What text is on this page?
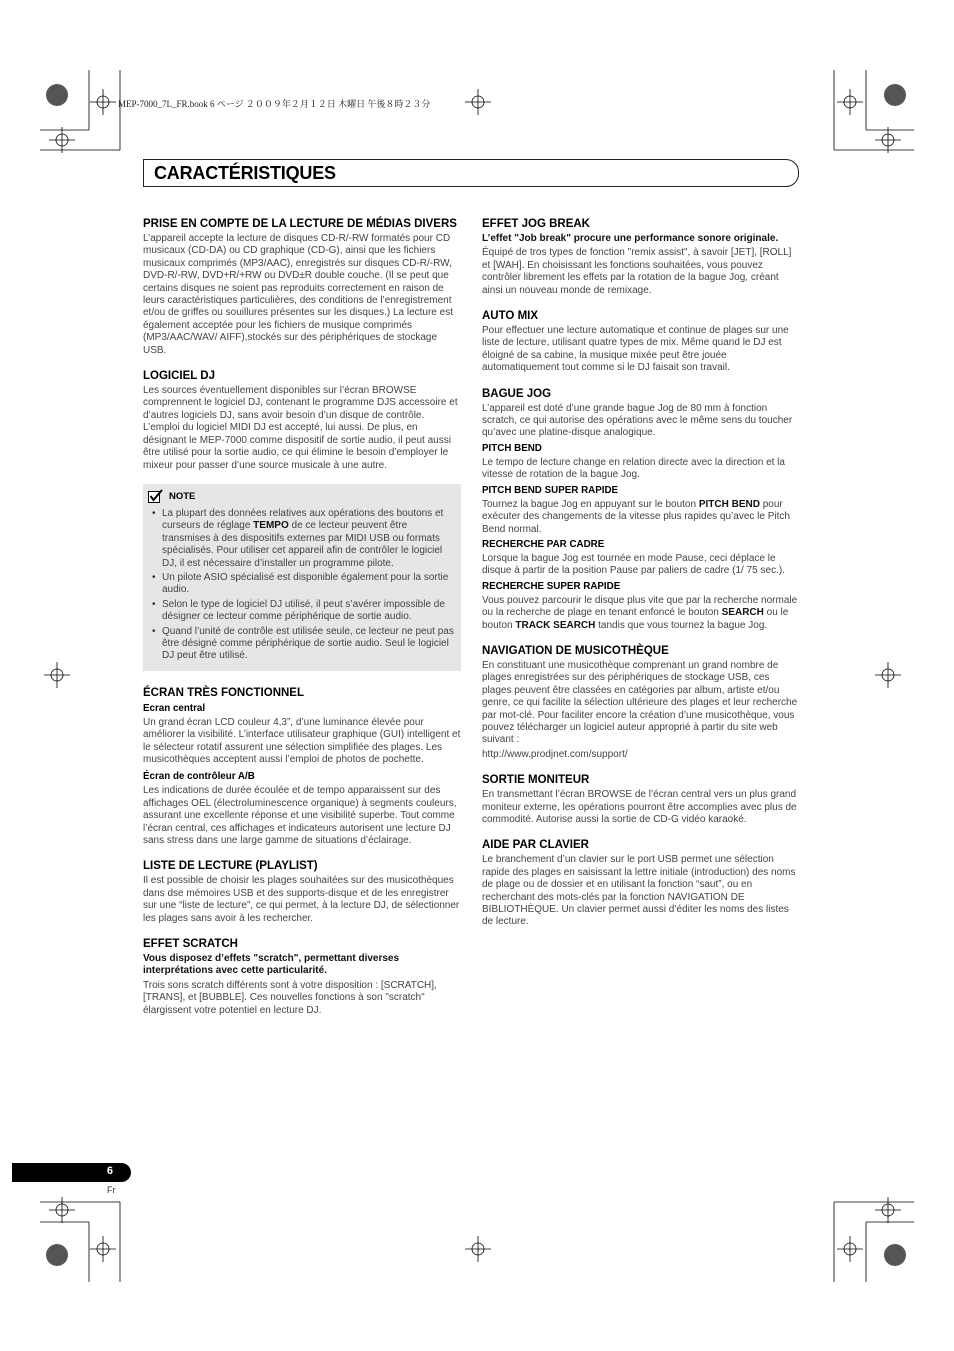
MEP-7000_7L_FR.book 6 ページ ２００９年２月１２日 木曜日 午後８時２３分
CARACTÉRISTIQUES
PRISE EN COMPTE DE LA LECTURE DE MÉDIAS DIVERS

L’appareil accepte la lecture de disques CD-R/-RW formatés pour CD musicaux (CD-DA) ou CD graphique (CD-G), ainsi que les fichiers musicaux comprimés (MP3/AAC), enregistrés sur disques CD-R/-RW, DVD-R/-RW, DVD+R/+RW ou DVD±R double couche. (Il se peut que certains disques ne soient pas reproduits correctement en raison de leurs caractéristiques particulières, des conditions de l’enregistrement et/ou de griffes ou souillures présentes sur les disques.) La lecture est également acceptée pour les fichiers de musique comprimés (MP3/AAC/WAV/ AIFF),stockés sur des périphériques de stockage USB.

LOGICIEL DJ

Les sources éventuellement disponibles sur l’écran BROWSE comprennent le logiciel DJ, contenant le programme DJS accessoire et d’autres logiciels DJ, sans avoir besoin d’un disque de contrôle. L’emploi du logiciel MIDI DJ est accepté, lui aussi. De plus, en désignant le MEP-7000 comme dispositif de sortie audio, il peut aussi être utilisé pour la sortie audio, ce qui élimine le besoin d’employer le mixeur pour passer d’une source musicale à une autre.

NOTE
• La plupart des données relatives aux opérations des boutons et curseurs de réglage TEMPO de ce lecteur peuvent être transmises à des dispositifs externes par MIDI USB ou formats spécialisés. Pour utiliser cet appareil afin de contrôler le logiciel DJ, il est nécessaire d’installer un programme pilote.
• Un pilote ASIO spécialisé est disponible également pour la sortie audio.
• Selon le type de logiciel DJ utilisé, il peut s’avérer impossible de désigner ce lecteur comme périphérique de sortie audio.
• Quand l’unité de contrôle est utilisée seule, ce lecteur ne peut pas être désigné comme périphérique de sortie audio. Seul le logiciel DJ peut être utilisé.
ÉCRAN TRÈS FONCTIONNEL
Ecran central

Un grand écran LCD couleur 4,3”, d’une luminance élevée pour améliorer la visibilité. L’interface utilisateur graphique (GUI) intelligent et le sélecteur rotatif assurent une sélection simplifiée des plages. Les musicothèques acceptent aussi l’emploi de photos de pochette.

Écran de contrôleur A/B

Les indications de durée écoulée et de tempo apparaissent sur des affichages OEL (électroluminescence organique) à segments couleurs, assurant une excellente réponse et une visibilité superbe. Tout comme l’écran central, ces affichages et indicateurs autorisent une lecture DJ sans stress dans une large gamme de situations d’éclairage.

LISTE DE LECTURE (PLAYLIST)

Il est possible de choisir les plages souhaitées sur des musicothèques dans dse mémoires USB et des supports-disque et de les enregistrer sur une “liste de lecture”, ce qui permet, à la lecture DJ, de sélectionner les plages sans avoir à les rechercher.

EFFET SCRATCH

Vous disposez d’effets "scratch", permettant diverses interprétations avec cette particularité.

Trois sons scratch différents sont à votre disposition : [SCRATCH], [TRANS], et [BUBBLE]. Ces nouvelles fonctions à son "scratch" élargissent votre potentiel en lecture DJ.

EFFET JOG BREAK

L’effet "Job break" procure une performance sonore originale.

Équipé de tros types de fonction "remix assist", à savoir [JET], [ROLL] et [WAH]. En choisissant les fonctions souhaitées, vous pouvez contrôler librement les effets par la rotation de la bague Jog, créant ainsi un nouveau monde de remixage.

AUTO MIX

Pour effectuer une lecture automatique et continue de plages sur une liste de lecture, utilisant quatre types de mix. Même quand le DJ est éloigné de sa cabine, la musique mixée peut être jouée automatiquement tout comme si le DJ faisait son travail.

BAGUE JOG

L’appareil est doté d’une grande bague Jog de 80 mm à fonction scratch, ce qui autorise des opérations avec le même sens du toucher qu’avec une platine-disque analogique.

PITCH BEND

Le tempo de lecture change en relation directe avec la direction et la vitesse de rotation de la bague Jog.

PITCH BEND SUPER RAPIDE

Tournez la bague Jog en appuyant sur le bouton PITCH BEND pour exécuter des changements de la vitesse plus rapides qu’avec le Pitch Bend normal.

RECHERCHE PAR CADRE

Lorsque la bague Jog est tournée en mode Pause, ceci déplace le disque à partir de la position Pause par paliers de cadre (1/ 75 sec.).

RECHERCHE SUPER RAPIDE

Vous pouvez parcourir le disque plus vite que par la recherche normale ou la recherche de plage en tenant enfoncé le bouton SEARCH ou le bouton TRACK SEARCH tandis que vous tournez la bague Jog.

NAVIGATION DE MUSICOTHÈQUE

En constituant une musicothèque comprenant un grand nombre de plages enregistrées sur des périphériques de stockage USB, ces plages peuvent être classées en catégories par album, artiste et/ou genre, ce qui facilite la sélection ultérieure des plages et leur recherche par mot-clé. Pour faciliter encore la création d’une musicothèque, vous pouvez télécharger un logiciel auteur approprié à partir du site web suivant :

http://www.prodjnet.com/support/

SORTIE MONITEUR

En transmettant l’écran BROWSE de l’écran central vers un plus grand moniteur externe, les opérations pourront être accomplies avec plus de commodité. Autorise aussi la sortie de CD-G vidéo karaoké.

AIDE PAR CLAVIER

Le branchement d’un clavier sur le port USB permet une sélection rapide des plages en saisissant la lettre initiale (introduction) des noms de plage ou de dossier et en utilisant la fonction “saut”, ou en recherchant des mots-clés par la fonction NAVIGATION DE BIBLIOTHÈQUE. Un clavier permet aussi d’éditer les noms des listes de lecture.

6
Fr
